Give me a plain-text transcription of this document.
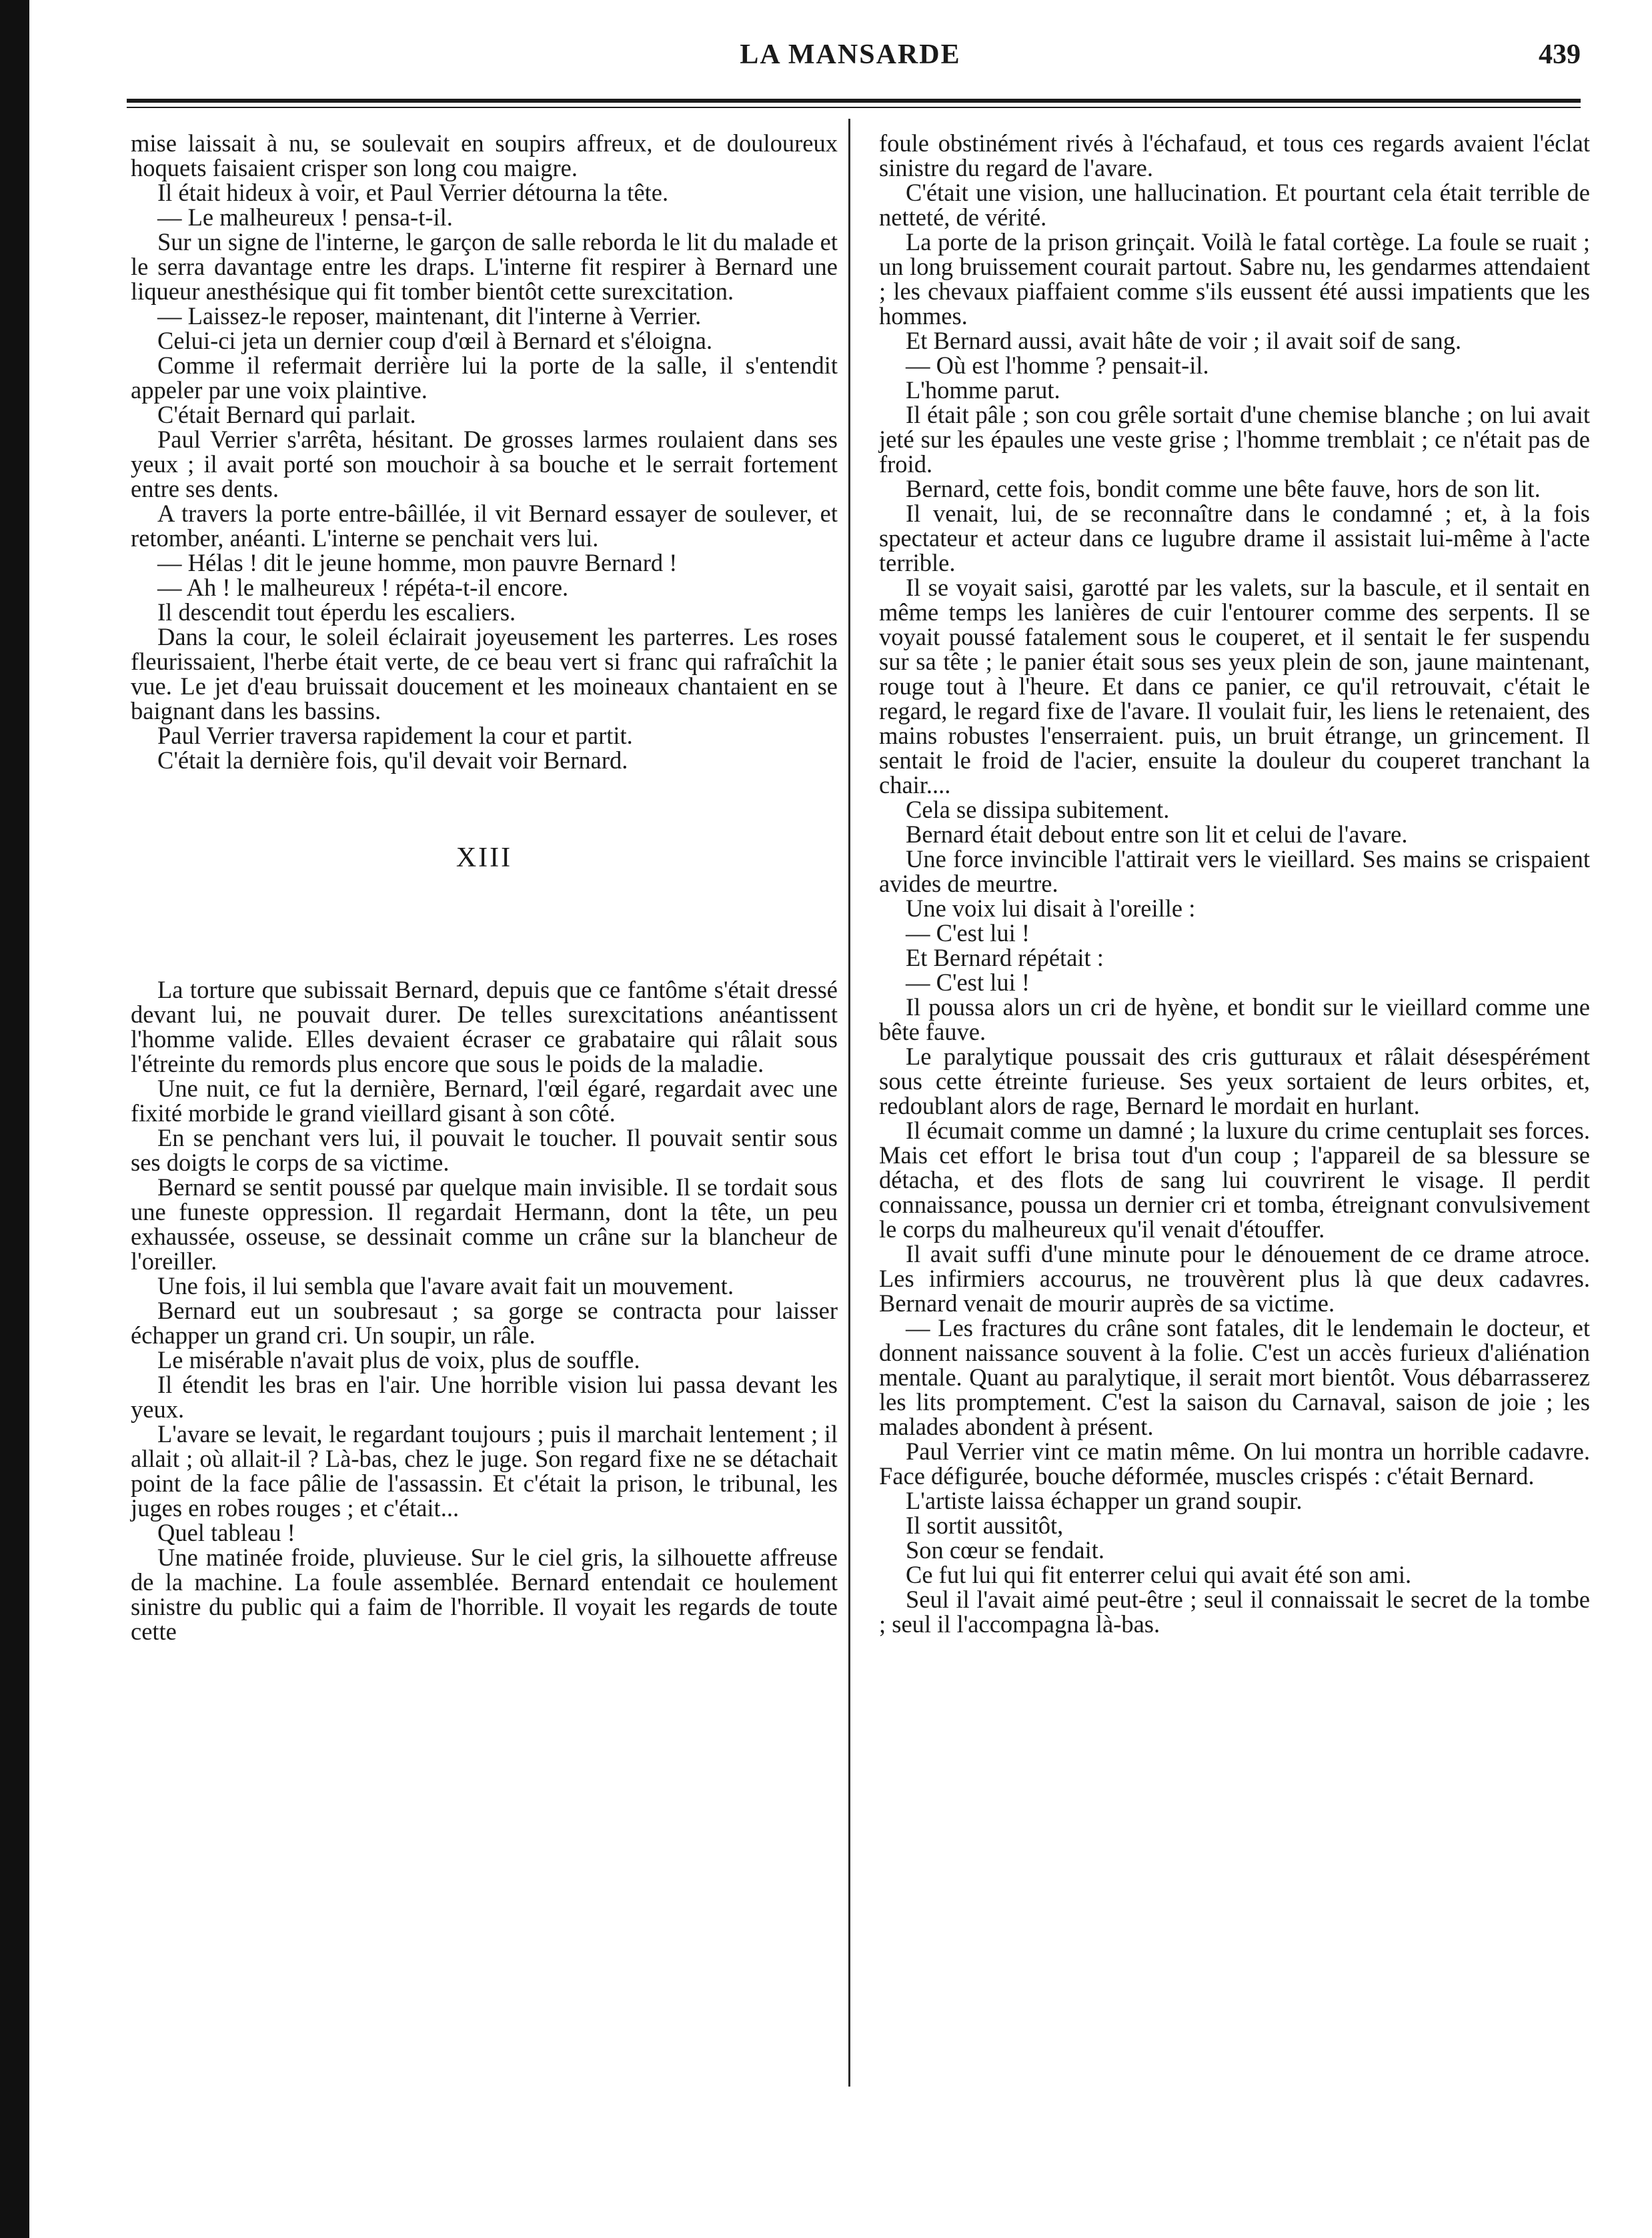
LA MANSARDE	439

mise laissait à nu, se soulevait en soupirs affreux, et de douloureux hoquets faisaient crisper son long cou maigre.

Il était hideux à voir, et Paul Verrier détourna la tête.

— Le malheureux ! pensa-t-il.

Sur un signe de l'interne, le garçon de salle reborda le lit du malade et le serra davantage entre les draps. L'interne fit respirer à Bernard une liqueur anesthésique qui fit tomber bientôt cette surexcitation.

— Laissez-le reposer, maintenant, dit l'interne à Verrier.

Celui-ci jeta un dernier coup d'œil à Bernard et s'éloigna.

Comme il refermait derrière lui la porte de la salle, il s'entendit appeler par une voix plaintive.

C'était Bernard qui parlait.

Paul Verrier s'arrêta, hésitant. De grosses larmes roulaient dans ses yeux ; il avait porté son mouchoir à sa bouche et le serrait fortement entre ses dents.

A travers la porte entre-bâillée, il vit Bernard essayer de soulever, et retomber, anéanti. L'interne se penchait vers lui.

— Hélas ! dit le jeune homme, mon pauvre Bernard !

— Ah ! le malheureux ! répéta-t-il encore.

Il descendit tout éperdu les escaliers.

Dans la cour, le soleil éclairait joyeusement les parterres. Les roses fleurissaient, l'herbe était verte, de ce beau vert si franc qui rafraîchit la vue. Le jet d'eau bruissait doucement et les moineaux chantaient en se baignant dans les bassins.

Paul Verrier traversa rapidement la cour et partit.

C'était la dernière fois, qu'il devait voir Bernard.

XIII

La torture que subissait Bernard, depuis que ce fantôme s'était dressé devant lui, ne pouvait durer. De telles surexcitations anéantissent l'homme valide. Elles devaient écraser ce grabataire qui râlait sous l'étreinte du remords plus encore que sous le poids de la maladie.

Une nuit, ce fut la dernière, Bernard, l'œil égaré, regardait avec une fixité morbide le grand vieillard gisant à son côté.

En se penchant vers lui, il pouvait le toucher. Il pouvait sentir sous ses doigts le corps de sa victime.

Bernard se sentit poussé par quelque main invisible. Il se tordait sous une funeste oppression. Il regardait Hermann, dont la tête, un peu exhaussée, osseuse, se dessinait comme un crâne sur la blancheur de l'oreiller.

Une fois, il lui sembla que l'avare avait fait un mouvement.

Bernard eut un soubresaut ; sa gorge se contracta pour laisser échapper un grand cri. Un soupir, un râle.

Le misérable n'avait plus de voix, plus de souffle.

Il étendit les bras en l'air. Une horrible vision lui passa devant les yeux.

L'avare se levait, le regardant toujours ; puis il marchait lentement ; il allait ; où allait-il ? Là-bas, chez le juge. Son regard fixe ne se détachait point de la face pâlie de l'assassin. Et c'était la prison, le tribunal, les juges en robes rouges ; et c'était...

Quel tableau !

Une matinée froide, pluvieuse. Sur le ciel gris, la silhouette affreuse de la machine. La foule assemblée. Bernard entendait ce houlement sinistre du public qui a faim de l'horrible. Il voyait les regards de toute cette

foule obstinément rivés à l'échafaud, et tous ces regards avaient l'éclat sinistre du regard de l'avare.

C'était une vision, une hallucination. Et pourtant cela était terrible de netteté, de vérité.

La porte de la prison grinçait. Voilà le fatal cortège. La foule se ruait ; un long bruissement courait partout. Sabre nu, les gendarmes attendaient ; les chevaux piaffaient comme s'ils eussent été aussi impatients que les hommes.

Et Bernard aussi, avait hâte de voir ; il avait soif de sang.

— Où est l'homme ? pensait-il.

L'homme parut.

Il était pâle ; son cou grêle sortait d'une chemise blanche ; on lui avait jeté sur les épaules une veste grise ; l'homme tremblait ; ce n'était pas de froid.

Bernard, cette fois, bondit comme une bête fauve, hors de son lit.

Il venait, lui, de se reconnaître dans le condamné ; et, à la fois spectateur et acteur dans ce lugubre drame il assistait lui-même à l'acte terrible.

Il se voyait saisi, garotté par les valets, sur la bascule, et il sentait en même temps les lanières de cuir l'entourer comme des serpents. Il se voyait poussé fatalement sous le couperet, et il sentait le fer suspendu sur sa tête ; le panier était sous ses yeux plein de son, jaune maintenant, rouge tout à l'heure. Et dans ce panier, ce qu'il retrouvait, c'était le regard, le regard fixe de l'avare. Il voulait fuir, les liens le retenaient, des mains robustes l'enserraient. puis, un bruit étrange, un grincement. Il sentait le froid de l'acier, ensuite la douleur du couperet tranchant la chair....

Cela se dissipa subitement.

Bernard était debout entre son lit et celui de l'avare.

Une force invincible l'attirait vers le vieillard. Ses mains se crispaient avides de meurtre.

Une voix lui disait à l'oreille :

— C'est lui !

Et Bernard répétait :

— C'est lui !

Il poussa alors un cri de hyène, et bondit sur le vieillard comme une bête fauve.

Le paralytique poussait des cris gutturaux et râlait désespérément sous cette étreinte furieuse. Ses yeux sortaient de leurs orbites, et, redoublant alors de rage, Bernard le mordait en hurlant.

Il écumait comme un damné ; la luxure du crime centuplait ses forces. Mais cet effort le brisa tout d'un coup ; l'appareil de sa blessure se détacha, et des flots de sang lui couvrirent le visage. Il perdit connaissance, poussa un dernier cri et tomba, étreignant convulsivement le corps du malheureux qu'il venait d'étouffer.

Il avait suffi d'une minute pour le dénouement de ce drame atroce. Les infirmiers accourus, ne trouvèrent plus là que deux cadavres. Bernard venait de mourir auprès de sa victime.

— Les fractures du crâne sont fatales, dit le lendemain le docteur, et donnent naissance souvent à la folie. C'est un accès furieux d'aliénation mentale. Quant au paralytique, il serait mort bientôt. Vous débarrasserez les lits promptement. C'est la saison du Carnaval, saison de joie ; les malades abondent à présent.

Paul Verrier vint ce matin même. On lui montra un horrible cadavre. Face défigurée, bouche déformée, muscles crispés : c'était Bernard.

L'artiste laissa échapper un grand soupir.

Il sortit aussitôt,

Son cœur se fendait.

Ce fut lui qui fit enterrer celui qui avait été son ami.

Seul il l'avait aimé peut-être ; seul il connaissait le secret de la tombe ; seul il l'accompagna là-bas.
